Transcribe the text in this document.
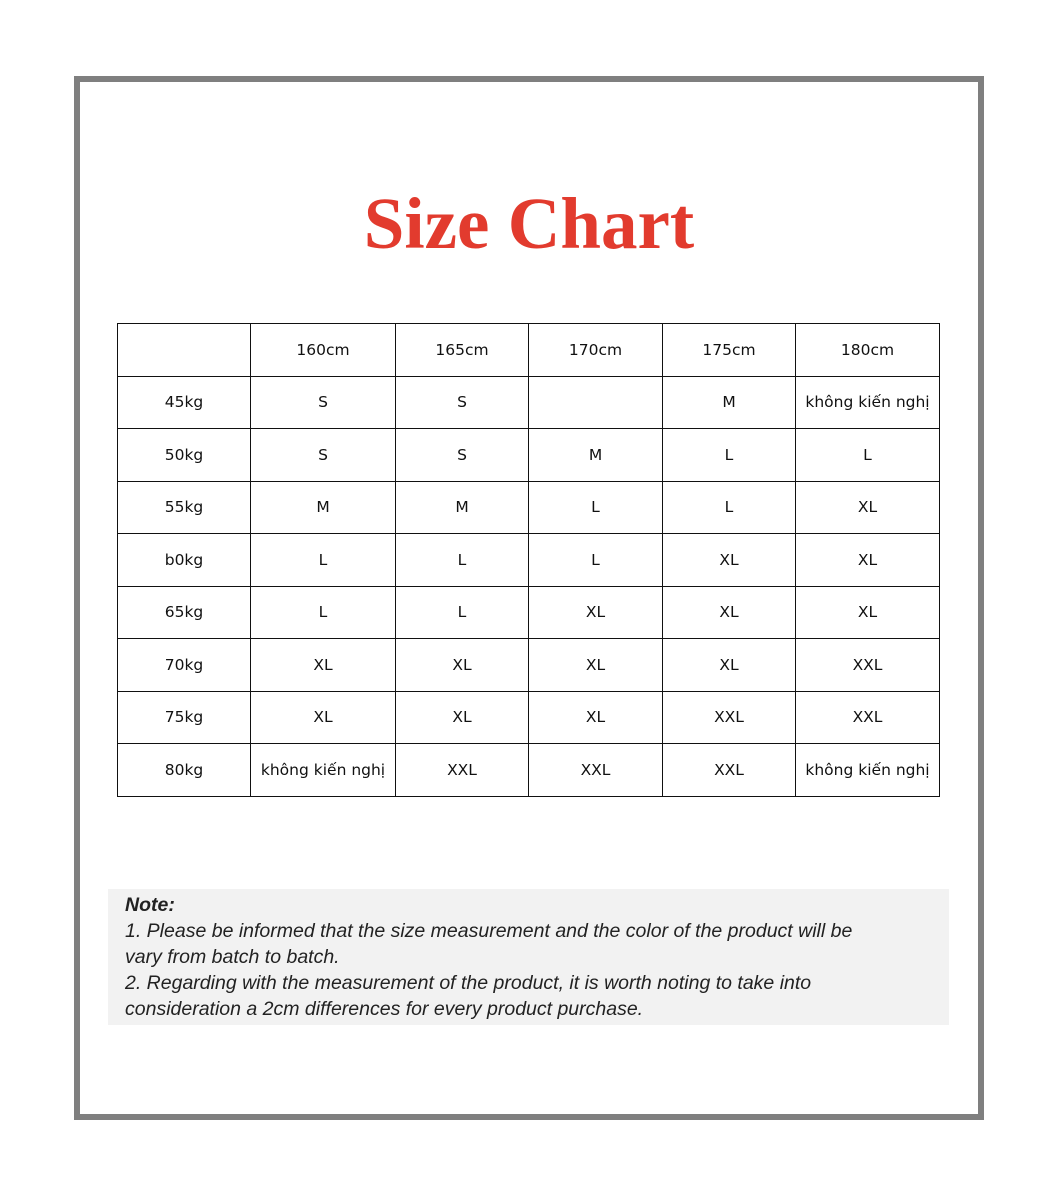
Size Chart
	160cm	165cm	170cm	175cm	180cm
45kg	S	S		M	không kiến nghị
50kg	S	S	M	L	L
55kg	M	M	L	L	XL
b0kg	L	L	L	XL	XL
65kg	L	L	XL	XL	XL
70kg	XL	XL	XL	XL	XXL
75kg	XL	XL	XL	XXL	XXL
80kg	không kiến nghị	XXL	XXL	XXL	không kiến nghị
Note:
1. Please be informed that the size measurement and the color of the product will be
vary from batch to batch.
2. Regarding with the measurement of the product, it is worth noting to take into
consideration a 2cm differences for every product purchase.
